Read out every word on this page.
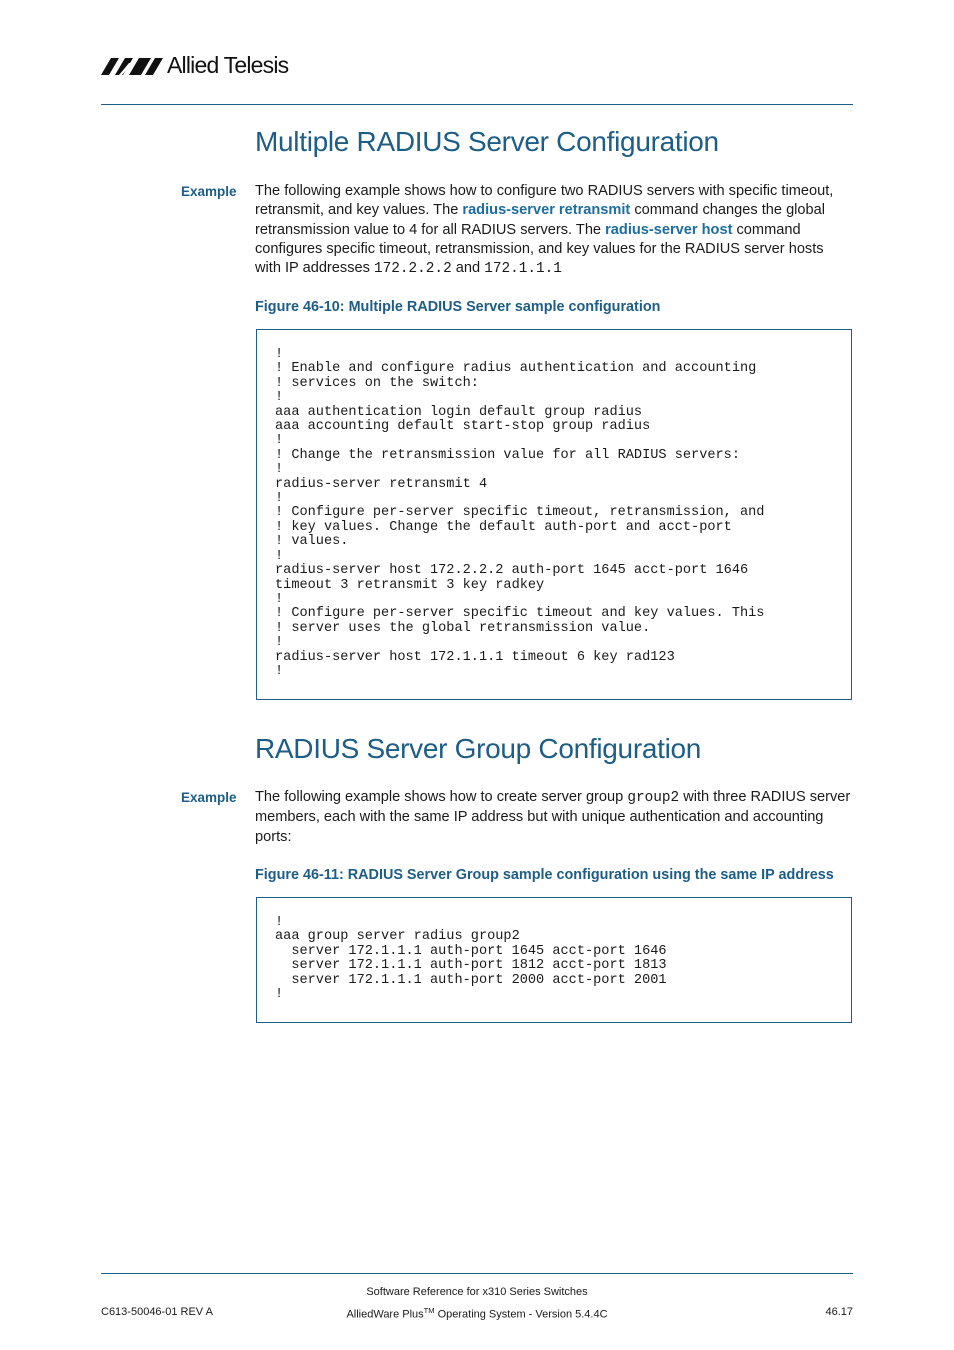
Allied Telesis
Multiple RADIUS Server Configuration
Example The following example shows how to configure two RADIUS servers with specific timeout, retransmit, and key values. The radius-server retransmit command changes the global retransmission value to 4 for all RADIUS servers. The radius-server host command configures specific timeout, retransmission, and key values for the RADIUS server hosts with IP addresses 172.2.2.2 and 172.1.1.1
Figure 46-10: Multiple RADIUS Server sample configuration
!
! Enable and configure radius authentication and accounting
! services on the switch:
!
aaa authentication login default group radius
aaa accounting default start-stop group radius
!
! Change the retransmission value for all RADIUS servers:
!
radius-server retransmit 4
!
! Configure per-server specific timeout, retransmission, and
! key values. Change the default auth-port and acct-port
! values.
!
radius-server host 172.2.2.2 auth-port 1645 acct-port 1646
timeout 3 retransmit 3 key radkey
!
! Configure per-server specific timeout and key values. This
! server uses the global retransmission value.
!
radius-server host 172.1.1.1 timeout 6 key rad123
!
RADIUS Server Group Configuration
Example The following example shows how to create server group group2 with three RADIUS server members, each with the same IP address but with unique authentication and accounting ports:
Figure 46-11: RADIUS Server Group sample configuration using the same IP address
!
aaa group server radius group2
server 172.1.1.1 auth-port 1645 acct-port 1646
server 172.1.1.1 auth-port 1812 acct-port 1813
server 172.1.1.1 auth-port 2000 acct-port 2001
!
Software Reference for x310 Series Switches
AlliedWare Plus™ Operating System - Version 5.4.4C
C613-50046-01 REV A	46.17
